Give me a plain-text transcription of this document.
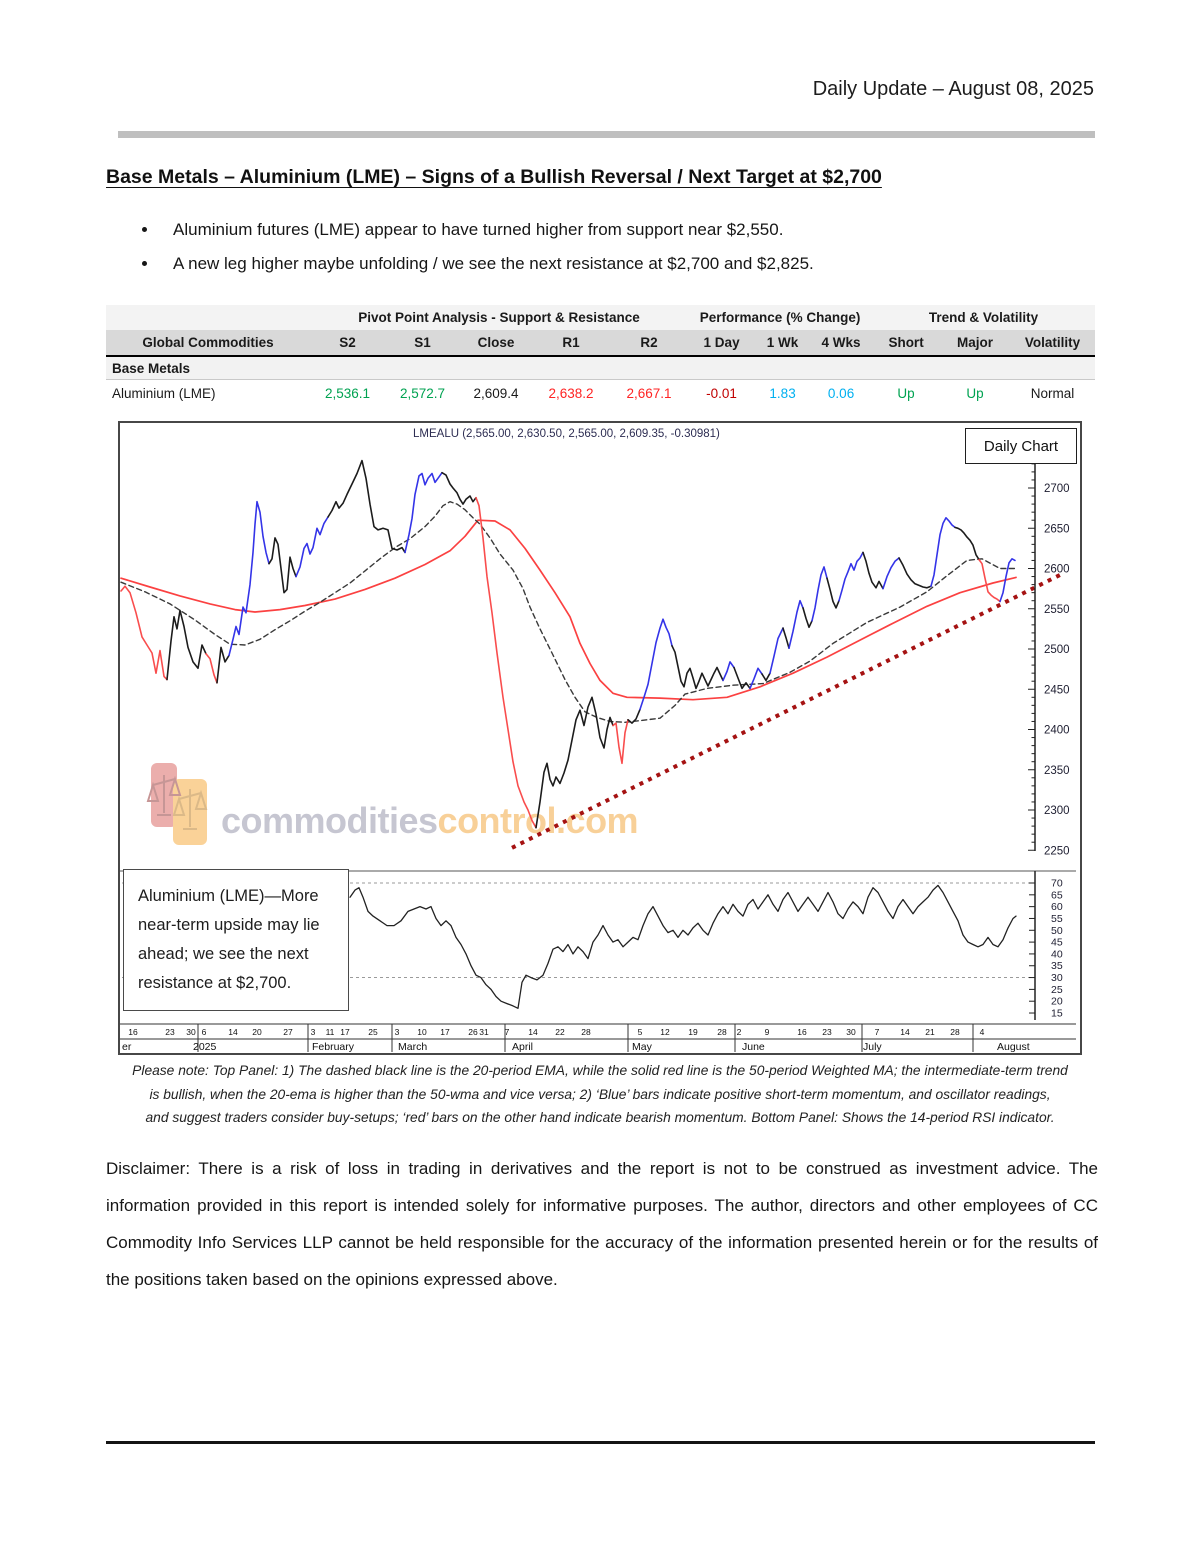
Daily Update – August 08, 2025
Base Metals – Aluminium (LME) – Signs of a Bullish Reversal / Next Target at $2,700
• Aluminium futures (LME) appear to have turned higher from support near $2,550.
• A new leg higher maybe unfolding / we see the next resistance at $2,700 and $2,825.
	Pivot Point Analysis - Support & Resistance					Performance (% Change)			Trend & Volatility		
Global Commodities	S2	S1	Close	R1	R2	1 Day	1 Wk	4 Wks	Short	Major	Volatility
Base Metals											
Aluminium (LME)	2,536.1	2,572.7	2,609.4	2,638.2	2,667.1	-0.01	1.83	0.06	Up	Up	Normal
commoditiescontrol.com
2700
2650
2600
2550
2500
2450
2400
2350
2300
2250
70
65
60
55
50
45
40
35
30
25
20
15
16	23 30 6	14 20	27 3 11 17 25 3 10 17 26 31 7 14 22 28	5 12 19 28 2	9	16 23 30 7 14 21 28 4
er	2025	February	March	April	May	June	July	August
LMEALU (2,565.00, 2,630.50, 2,565.00, 2,609.35, -0.30981)
Daily Chart
Aluminium (LME)—More near-term upside may lie ahead; we see the next resistance at $2,700.
Please note: Top Panel: 1) The dashed black line is the 20-period EMA, while the solid red line is the 50-period Weighted MA; the intermediate-term trend
is bullish, when the 20-ema is higher than the 50-wma and vice versa; 2) ‘Blue’ bars indicate positive short-term momentum, and oscillator readings,
and suggest traders consider buy-setups; ‘red’ bars on the other hand indicate bearish momentum. Bottom Panel: Shows the 14-period RSI indicator.
Disclaimer: There is a risk of loss in trading in derivatives and the report is not to be construed as investment advice. The information provided in this report is intended solely for informative purposes. The author, directors and other employees of CC Commodity Info Services LLP cannot be held responsible for the accuracy of the information presented herein or for the results of the positions taken based on the opinions expressed above.
